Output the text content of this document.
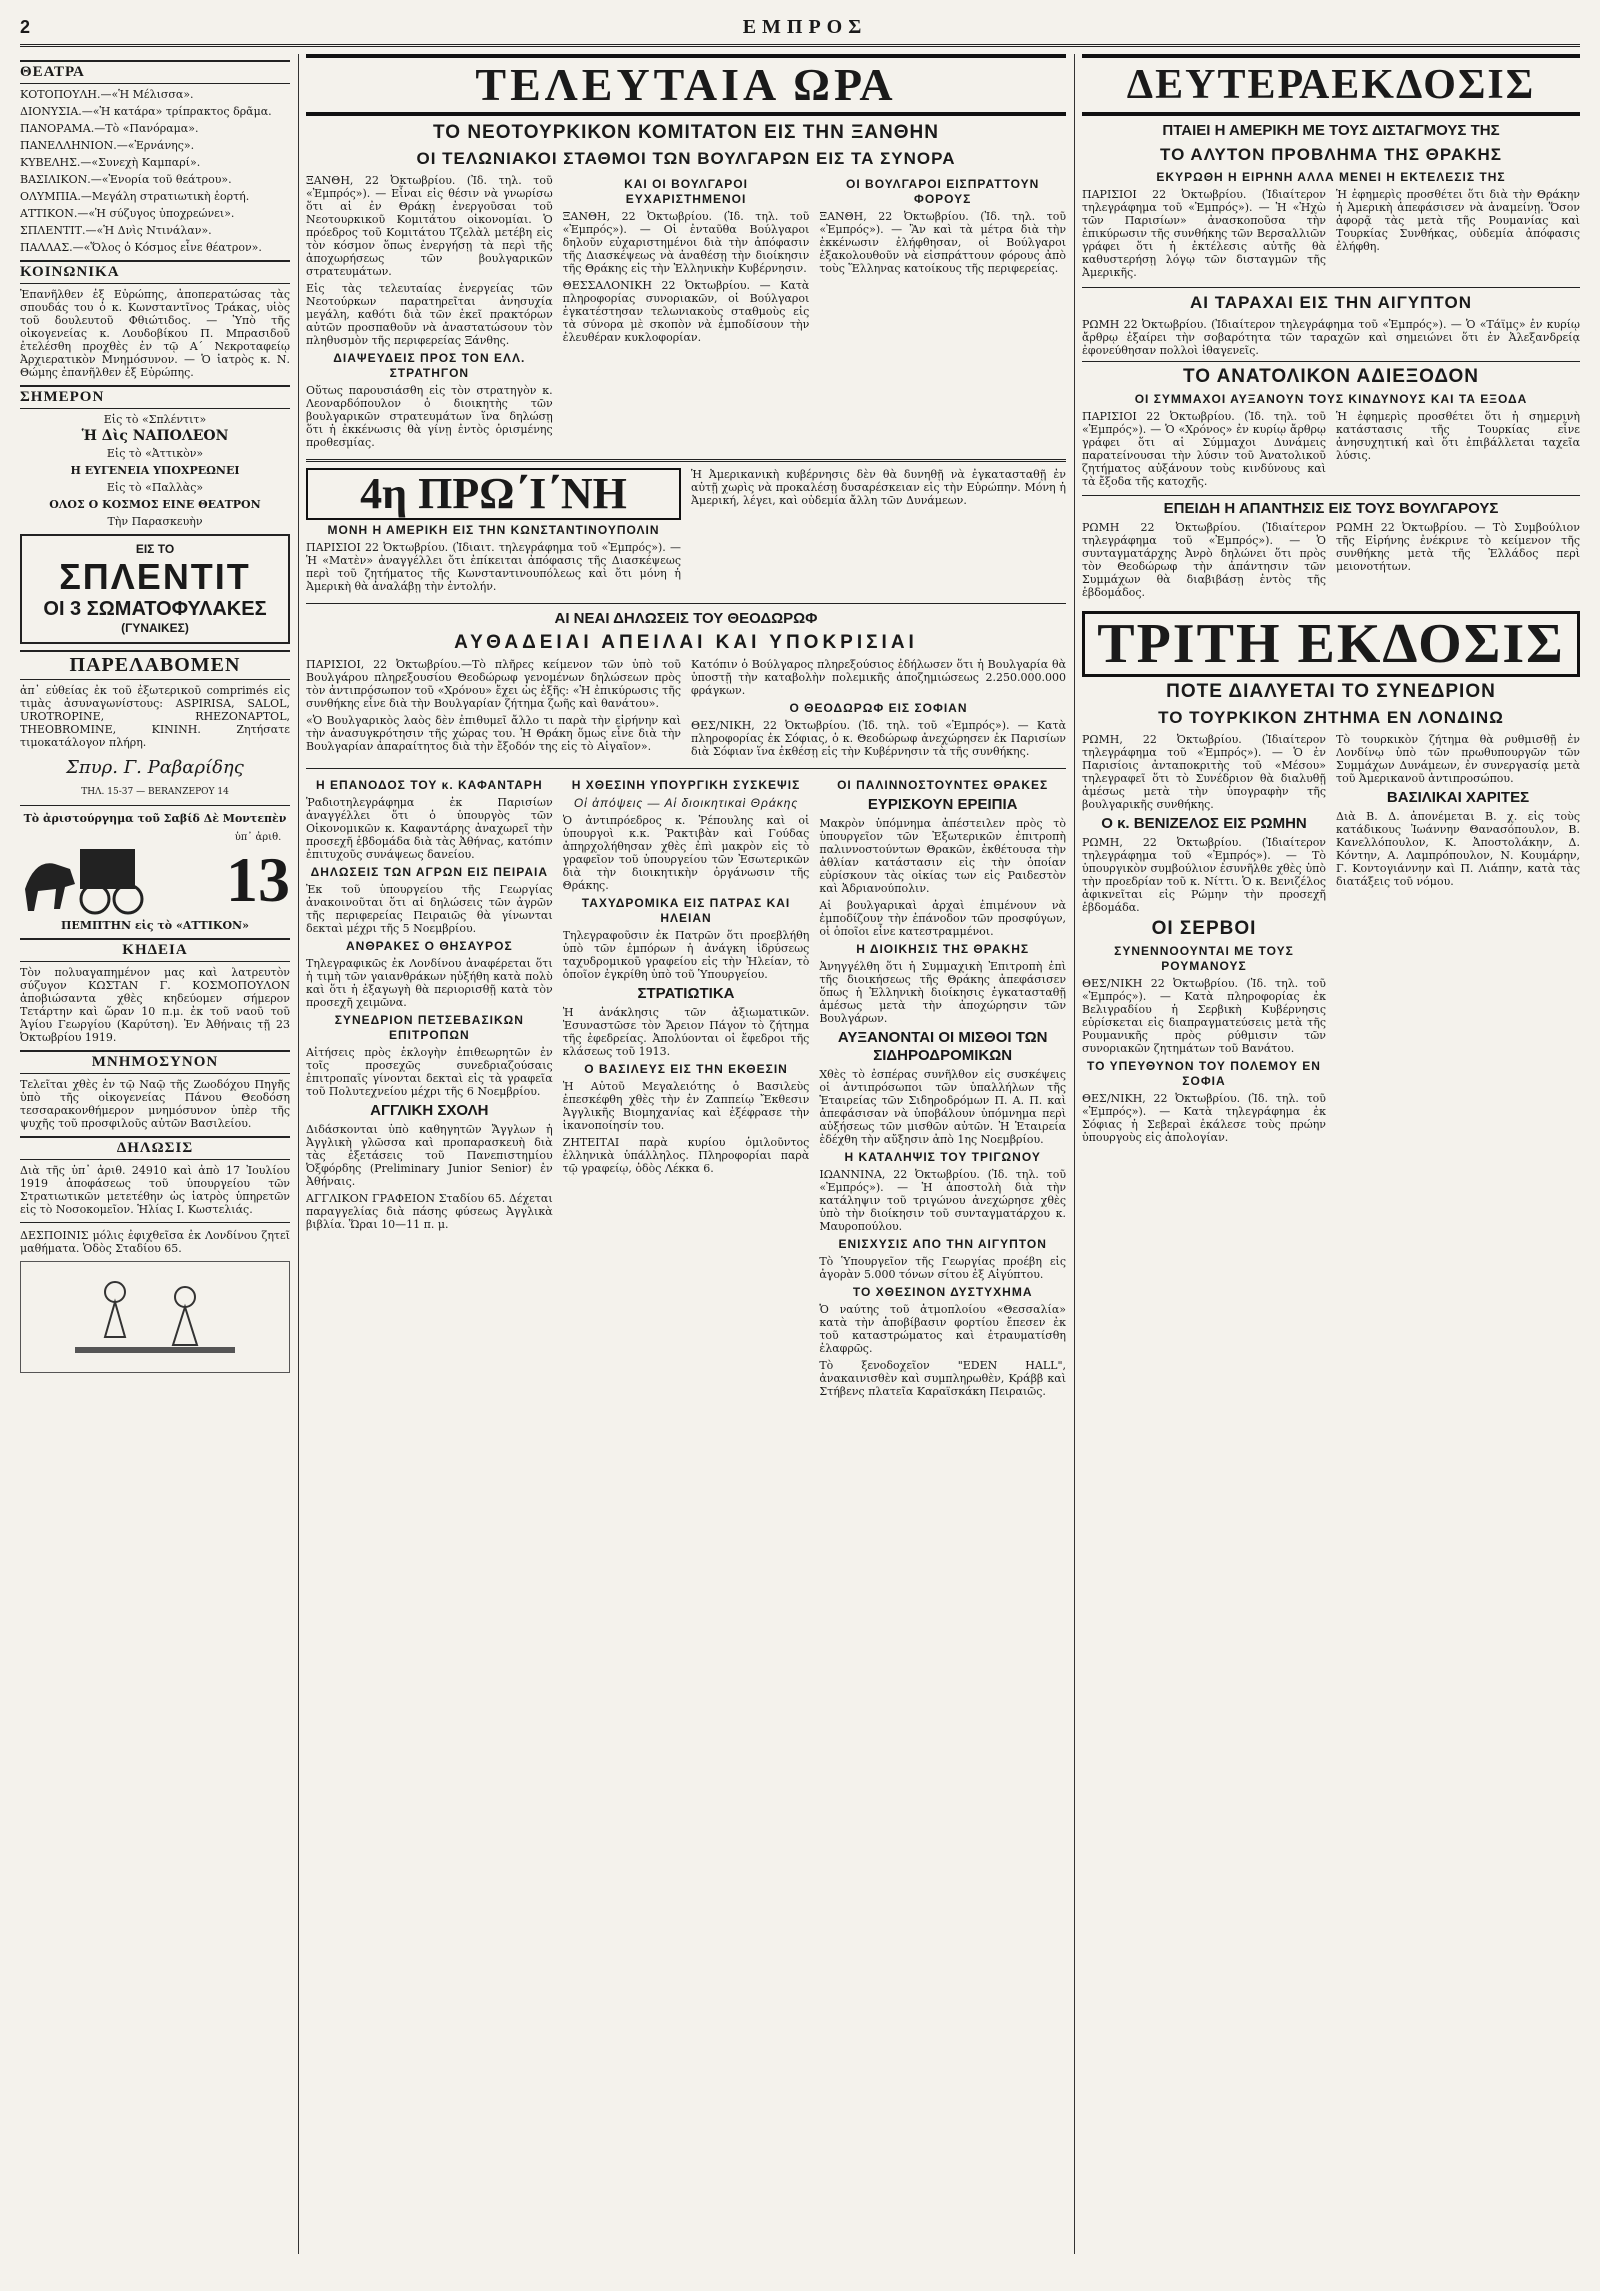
2	ΕΜΠΡΟΣ
ΘΕΑΤΡΑ

ΚΟΤΟΠΟΥΛΗ.—«Ἡ Μέλισσα».

ΔΙΟΝΥΣΙΑ.—«Ἡ κατάρα» τρίπρακτος δρᾶμα.

ΠΑΝΟΡΑΜΑ.—Τὸ «Πανόραμα».

ΠΑΝΕΛΛΗΝΙΟΝ.—«Ἐρνάνης».

ΚΥΒΕΛΗΣ.—«Συνεχὴ Καμπαρί».

ΒΑΣΙΛΙΚΟΝ.—«Ἐνορία τοῦ θεάτρου».

ΟΛΥΜΠΙΑ.—Μεγάλη στρατιωτικὴ ἑορτή.

ΑΤΤΙΚΟΝ.—«Ἡ σύζυγος ὑποχρεώνει».

ΣΠΛΕΝΤΙΤ.—«Ἡ Δνὶς Ντινάλαν».

ΠΑΛΛΑΣ.—«Ὅλος ὁ Κόσμος εἶνε θέατρον».

ΚΟΙΝΩΝΙΚΑ

Ἐπανῆλθεν ἐξ Εὐρώπης, ἀποπερατώσας τὰς σπουδάς του ὁ κ. Κωνσταντῖνος Τράκας, υἱὸς τοῦ δουλευτοῦ Φθιώτιδος. — Ὑπὸ τῆς οἰκογενείας κ. Λουδοβίκου Π. Μπρασιδοῦ ἐτελέσθη προχθὲς ἐν τῷ Α΄ Νεκροταφείῳ Ἀρχιερατικὸν Μνημόσυνον. — Ὁ ἰατρὸς κ. Ν. Θώμης ἐπανῆλθεν ἐξ Εὐρώπης.

ΣΗΜΕΡΟΝ

Εἰς τὸ «Σπλέντιτ»

Ἡ Δὶς ΝΑΠΟΛΕΟΝ

Εἰς τὸ «Ἀττικὸν»

Η ΕΥΓΕΝΕΙΑ ΥΠΟΧΡΕΩΝΕΙ

Εἰς τὸ «Παλλὰς»

ΟΛΟΣ Ο ΚΟΣΜΟΣ ΕΙΝΕ ΘΕΑΤΡΟΝ

Τὴν Παρασκευὴν

ΕΙΣ ΤΟ
ΣΠΛΕΝΤΙΤ
ΟΙ 3 ΣΩΜΑΤΟΦΥΛΑΚΕΣ
(ΓΥΝΑΙΚΕΣ)
ΠΑΡΕΛΑΒΟΜΕΝ

ἀπ᾽ εὐθείας ἐκ τοῦ ἐξωτερικοῦ comprimés εἰς τιμὰς ἀσυναγωνίστους: ASPIRISA, SALOL, UROTROPINE, RHEZONAPTOL, THEOBROMINE, KININH. Ζητήσατε τιμοκατάλογον πλήρη.

Σπυρ. Γ. Ραβαρίδης

ΤΗΛ. 15-37 — BERANZΕΡΟΥ 14

Τὸ ἀριστούργημα τοῦ Σαβίδ Δὲ Μοντεπὲν

ὑπ᾽ ἀριθ.
13

ΠΕΜΠΤΗΝ εἰς τὸ «ΑΤΤΙΚΟΝ»

ΚΗΔΕΙΑ

Τὸν πολυαγαπημένον μας καὶ λατρευτὸν σύζυγον ΚΩΣΤΑΝ Γ. ΚΟΣΜΟΠΟΥΛΟΝ ἀποβιώσαντα χθὲς κηδεύομεν σήμερον Τετάρτην καὶ ὥραν 10 π.μ. ἐκ τοῦ ναοῦ τοῦ Ἁγίου Γεωργίου (Καρύτση). Ἐν Ἀθήναις τῇ 23 Ὀκτωβρίου 1919.

ΜΝΗΜΟΣΥΝΟΝ

Τελεῖται χθὲς ἐν τῷ Ναῷ τῆς Ζωοδόχου Πηγῆς ὑπὸ τῆς οἰκογενείας Πάνου Θεοδόση τεσσαρακονθήμερον μνημόσυνον ὑπὲρ τῆς ψυχῆς τοῦ προσφιλοῦς αὐτῶν Βασιλείου.

ΔΗΛΩΣΙΣ

Διὰ τῆς ὑπ᾽ ἀριθ. 24910 καὶ ἀπὸ 17 Ἰουλίου 1919 ἀποφάσεως τοῦ ὑπουργείου τῶν Στρατιωτικῶν μετετέθην ὡς ἰατρὸς ὑπηρετῶν εἰς τὸ Νοσοκομεῖον. Ἡλίας Ι. Κωστελιάς.

ΔΕΣΠΟΙΝΙΣ μόλις ἐφιχθεῖσα ἐκ Λονδίνου ζητεῖ μαθήματα. Ὁδὸς Σταδίου 65.

ΤΕΛΕΥΤΑΙΑ ΩΡΑ
ΤΟ ΝΕΟΤΟΥΡΚΙΚΟΝ ΚΟΜΙΤΑΤΟΝ ΕΙΣ ΤΗΝ ΞΑΝΘΗΝ
ΟΙ ΤΕΛΩΝΙΑΚΟΙ ΣΤΑΘΜΟΙ ΤΩΝ ΒΟΥΛΓΑΡΩΝ ΕΙΣ ΤΑ ΣΥΝΟΡΑ

ΞΑΝΘΗ, 22 Ὀκτωβρίου. (Ἰδ. τηλ. τοῦ «Ἐμπρός»). — Εἶναι εἰς θέσιν νὰ γνωρίσω ὅτι αἱ ἐν Θράκῃ ἐνεργοῦσαι τοῦ Νεοτουρκικοῦ Κομιτάτου οἰκονομίαι. Ὁ πρόεδρος τοῦ Κομιτάτου Τζελὰλ μετέβη εἰς τὸν κόσμον ὅπως ἐνεργήσῃ τὰ περὶ τῆς ἀποχωρήσεως τῶν βουλγαρικῶν στρατευμάτων.

Εἰς τὰς τελευταίας ἐνεργείας τῶν Νεοτούρκων παρατηρεῖται ἀνησυχία μεγάλη, καθότι διὰ τῶν ἐκεῖ πρακτόρων αὐτῶν προσπαθοῦν νὰ ἀναστατώσουν τὸν πληθυσμὸν τῆς περιφερείας Ξάνθης.

ΔΙΑΨΕΥΔΕΙΣ ΠΡΟΣ ΤΟΝ ΕΛΛ. ΣΤΡΑΤΗΓΟΝ

Οὕτως παρουσιάσθη εἰς τὸν στρατηγὸν κ. Λεοναρδόπουλον ὁ διοικητὴς τῶν βουλγαρικῶν στρατευμάτων ἵνα δηλώσῃ ὅτι ἡ ἐκκένωσις θὰ γίνῃ ἐντὸς ὁρισμένης προθεσμίας.

ΚΑΙ ΟΙ ΒΟΥΛΓΑΡΟΙ ΕΥΧΑΡΙΣΤΗΜΕΝΟΙ

ΞΑΝΘΗ, 22 Ὀκτωβρίου. (Ἰδ. τηλ. τοῦ «Ἐμπρός»). — Οἱ ἐνταῦθα Βούλγαροι δηλοῦν εὐχαριστημένοι διὰ τὴν ἀπόφασιν τῆς Διασκέψεως νὰ ἀναθέσῃ τὴν διοίκησιν τῆς Θράκης εἰς τὴν Ἑλληνικὴν Κυβέρνησιν.

ΘΕΣΣΑΛΟΝΙΚΗ 22 Ὀκτωβρίου. — Κατὰ πληροφορίας συνοριακῶν, οἱ Βούλγαροι ἐγκατέστησαν τελωνιακοὺς σταθμοὺς εἰς τὰ σύνορα μὲ σκοπὸν νὰ ἐμποδίσουν τὴν ἐλευθέραν κυκλοφορίαν.

ΟΙ ΒΟΥΛΓΑΡΟΙ ΕΙΣΠΡΑΤΤΟΥΝ ΦΟΡΟΥΣ

ΞΑΝΘΗ, 22 Ὀκτωβρίου. (Ἰδ. τηλ. τοῦ «Ἐμπρός»). — Ἂν καὶ τὰ μέτρα διὰ τὴν ἐκκένωσιν ἐλήφθησαν, οἱ Βούλγαροι ἐξακολουθοῦν νὰ εἰσπράττουν φόρους ἀπὸ τοὺς Ἕλληνας κατοίκους τῆς περιφερείας.

4η ΠΡΩ΄Ι΄ΝΗ
ΜΟΝΗ Η ΑΜΕΡΙΚΗ ΕΙΣ ΤΗΝ ΚΩΝΣΤΑΝΤΙΝΟΥΠΟΛΙΝ

ΠΑΡΙΣΙΟΙ 22 Ὀκτωβρίου. (Ἰδιαιτ. τηλεγράφημα τοῦ «Ἐμπρός»). — Ἡ «Ματὲν» ἀναγγέλλει ὅτι ἐπίκειται ἀπόφασις τῆς Διασκέψεως περὶ τοῦ ζητήματος τῆς Κωνσταντινουπόλεως καὶ ὅτι μόνη ἡ Ἀμερικὴ θὰ ἀναλάβῃ τὴν ἐντολήν.

Ἡ Ἀμερικανικὴ κυβέρνησις δὲν θὰ δυνηθῇ νὰ ἐγκατασταθῇ ἐν αὐτῇ χωρὶς νὰ προκαλέσῃ δυσαρέσκειαν εἰς τὴν Εὐρώπην. Μόνη ἡ Ἀμερική, λέγει, καὶ οὐδεμία ἄλλη τῶν Δυνάμεων.

ΑΙ ΝΕΑΙ ΔΗΛΩΣΕΙΣ ΤΟΥ ΘΕΟΔΩΡΩΦ
ΑΥΘΑΔΕΙΑΙ ΑΠΕΙΛΑΙ ΚΑΙ ΥΠΟΚΡΙΣΙΑΙ

ΠΑΡΙΣΙΟΙ, 22 Ὀκτωβρίου.—Τὸ πλῆρες κείμενον τῶν ὑπὸ τοῦ Βουλγάρου πληρεξουσίου Θεοδώρωφ γενομένων δηλώσεων πρὸς τὸν ἀντιπρόσωπον τοῦ «Χρόνου» ἔχει ὡς ἑξῆς: «Ἡ ἐπικύρωσις τῆς συνθήκης εἶνε διὰ τὴν Βουλγαρίαν ζήτημα ζωῆς καὶ θανάτου».

«Ὁ Βουλγαρικὸς λαὸς δὲν ἐπιθυμεῖ ἄλλο τι παρὰ τὴν εἰρήνην καὶ τὴν ἀνασυγκρότησιν τῆς χώρας του. Ἡ Θράκη ὅμως εἶνε διὰ τὴν Βουλγαρίαν ἀπαραίτητος διὰ τὴν ἔξοδόν της εἰς τὸ Αἰγαῖον».

Κατόπιν ὁ Βούλγαρος πληρεξούσιος ἐδήλωσεν ὅτι ἡ Βουλγαρία θὰ ὑποστῇ τὴν καταβολὴν πολεμικῆς ἀποζημιώσεως 2.250.000.000 φράγκων.

Ο ΘΕΟΔΩΡΩΦ ΕΙΣ ΣΟΦΙΑΝ

ΘΕΣ/ΝΙΚΗ, 22 Ὀκτωβρίου. (Ἰδ. τηλ. τοῦ «Ἐμπρός»). — Κατὰ πληροφορίας ἐκ Σόφιας, ὁ κ. Θεοδώρωφ ἀνεχώρησεν ἐκ Παρισίων διὰ Σόφιαν ἵνα ἐκθέσῃ εἰς τὴν Κυβέρνησιν τὰ τῆς συνθήκης.

Η ΕΠΑΝΟΔΟΣ ΤΟΥ κ. ΚΑΦΑΝΤΑΡΗ

Ῥαδιοτηλεγράφημα ἐκ Παρισίων ἀναγγέλλει ὅτι ὁ ὑπουργὸς τῶν Οἰκονομικῶν κ. Καφαντάρης ἀναχωρεῖ τὴν προσεχῆ ἑβδομάδα διὰ τὰς Ἀθήνας, κατόπιν ἐπιτυχοῦς συνάψεως δανείου.

ΔΗΛΩΣΕΙΣ ΤΩΝ ΑΓΡΩΝ ΕΙΣ ΠΕΙΡΑΙΑ

Ἐκ τοῦ ὑπουργείου τῆς Γεωργίας ἀνακοινοῦται ὅτι αἱ δηλώσεις τῶν ἀγρῶν τῆς περιφερείας Πειραιῶς θὰ γίνωνται δεκταὶ μέχρι τῆς 5 Νοεμβρίου.

ΑΝΘΡΑΚΕΣ Ο ΘΗΣΑΥΡΟΣ

Τηλεγραφικῶς ἐκ Λονδίνου ἀναφέρεται ὅτι ἡ τιμὴ τῶν γαιανθράκων ηὐξήθη κατὰ πολὺ καὶ ὅτι ἡ ἐξαγωγὴ θὰ περιορισθῇ κατὰ τὸν προσεχῆ χειμῶνα.

ΣΥΝΕΔΡΙΟΝ ΠΕΤΣΕΒΑΣΙΚΩΝ ΕΠΙΤΡΟΠΩΝ

Αἰτήσεις πρὸς ἐκλογὴν ἐπιθεωρητῶν ἐν τοῖς προσεχῶς συνεδριαζούσαις ἐπιτροπαῖς γίνονται δεκταὶ εἰς τὰ γραφεῖα τοῦ Πολυτεχνείου μέχρι τῆς 6 Νοεμβρίου.

ΑΓΓΛΙΚΗ ΣΧΟΛΗ

Διδάσκονται ὑπὸ καθηγητῶν Ἄγγλων ἡ Ἀγγλικὴ γλῶσσα καὶ προπαρασκευὴ διὰ τὰς ἐξετάσεις τοῦ Πανεπιστημίου Ὀξφόρδης (Preliminary Junior Senior) ἐν Ἀθήναις.

ΑΓΓΛΙΚΟΝ ΓΡΑΦΕΙΟΝ Σταδίου 65. Δέχεται παραγγελίας διὰ πάσης φύσεως Ἀγγλικὰ βιβλία. Ὥραι 10—11 π. μ.

Η ΧΘΕΣΙΝΗ ΥΠΟΥΡΓΙΚΗ ΣΥΣΚΕΨΙΣ
Οἱ ἀπόψεις — Αἱ διοικητικαὶ Θράκης

Ὁ ἀντιπρόεδρος κ. Ῥέπουλης καὶ οἱ ὑπουργοὶ κ.κ. Ῥακτιβὰν καὶ Γούδας ἀπηρχολήθησαν χθὲς ἐπὶ μακρὸν εἰς τὸ γραφεῖον τοῦ ὑπουργείου τῶν Ἐσωτερικῶν διὰ τὴν διοικητικὴν ὀργάνωσιν τῆς Θράκης.

ΤΑΧΥΔΡΟΜΙΚΑ ΕΙΣ ΠΑΤΡΑΣ ΚΑΙ ΗΛΕΙΑΝ

Τηλεγραφοῦσιν ἐκ Πατρῶν ὅτι προεβλήθη ὑπὸ τῶν ἐμπόρων ἡ ἀνάγκη ἱδρύσεως ταχυδρομικοῦ γραφείου εἰς τὴν Ἠλείαν, τὸ ὁποῖον ἐγκρίθη ὑπὸ τοῦ Ὑπουργείου.

ΣΤΡΑΤΙΩΤΙΚΑ

Ἡ ἀνάκλησις τῶν ἀξιωματικῶν. Ἐσυναστῶσε τὸν Ἄρειον Πάγον τὸ ζήτημα τῆς ἐφεδρείας. Ἀπολύονται οἱ ἔφεδροι τῆς κλάσεως τοῦ 1913.

Ο ΒΑΣΙΛΕΥΣ ΕΙΣ ΤΗΝ ΕΚΘΕΣΙΝ

Ἡ Αὐτοῦ Μεγαλειότης ὁ Βασιλεὺς ἐπεσκέφθη χθὲς τὴν ἐν Ζαππείῳ Ἔκθεσιν Ἀγγλικῆς Βιομηχανίας καὶ ἐξέφρασε τὴν ἱκανοποίησίν του.

ΖΗΤΕΙΤΑΙ παρὰ κυρίου ὁμιλοῦντος ἑλληνικὰ ὑπάλληλος. Πληροφορίαι παρὰ τῷ γραφείῳ, ὁδὸς Λέκκα 6.

ΟΙ ΠΑΛΙΝΝΟΣΤΟΥΝΤΕΣ ΘΡΑΚΕΣ
ΕΥΡΙΣΚΟΥΝ ΕΡΕΙΠΙΑ

Μακρὸν ὑπόμνημα ἀπέστειλεν πρὸς τὸ ὑπουργεῖον τῶν Ἐξωτερικῶν ἐπιτροπὴ παλιννοστούντων Θρακῶν, ἐκθέτουσα τὴν ἀθλίαν κατάστασιν εἰς τὴν ὁποίαν εὑρίσκουν τὰς οἰκίας των εἰς Ραιδεστὸν καὶ Ἁδριανούπολιν.

Αἱ βουλγαρικαὶ ἀρχαὶ ἐπιμένουν νὰ ἐμποδίζουν τὴν ἐπάνοδον τῶν προσφύγων, οἱ ὁποῖοι εἶνε κατεστραμμένοι.

Η ΔΙΟΙΚΗΣΙΣ ΤΗΣ ΘΡΑΚΗΣ

Ἀνηγγέλθη ὅτι ἡ Συμμαχικὴ Ἐπιτροπὴ ἐπὶ τῆς διοικήσεως τῆς Θράκης ἀπεφάσισεν ὅπως ἡ Ἑλληνικὴ διοίκησις ἐγκατασταθῇ ἀμέσως μετὰ τὴν ἀποχώρησιν τῶν Βουλγάρων.

ΑΥΞΑΝΟΝΤΑΙ ΟΙ ΜΙΣΘΟΙ ΤΩΝ ΣΙΔΗΡΟΔΡΟΜΙΚΩΝ

Χθὲς τὸ ἐσπέρας συνῆλθον εἰς συσκέψεις οἱ ἀντιπρόσωποι τῶν ὑπαλλήλων τῆς Ἑταιρείας τῶν Σιδηροδρόμων Π. Α. Π. καὶ ἀπεφάσισαν νὰ ὑποβάλουν ὑπόμνημα περὶ αὐξήσεως τῶν μισθῶν αὐτῶν. Ἡ Ἑταιρεία ἐδέχθη τὴν αὔξησιν ἀπὸ 1ης Νοεμβρίου.

Η ΚΑΤΑΛΗΨΙΣ ΤΟΥ ΤΡΙΓΩΝΟΥ

ΙΩΑΝΝΙΝΑ, 22 Ὀκτωβρίου. (Ἰδ. τηλ. τοῦ «Ἐμπρός»). — Ἡ ἀποστολὴ διὰ τὴν κατάληψιν τοῦ τριγώνου ἀνεχώρησε χθὲς ὑπὸ τὴν διοίκησιν τοῦ συνταγματάρχου κ. Μαυροπούλου.

ΕΝΙΣΧΥΣΙΣ ΑΠΟ ΤΗΝ ΑΙΓΥΠΤΟΝ

Τὸ Ὑπουργεῖον τῆς Γεωργίας προέβη εἰς ἀγορὰν 5.000 τόνων σίτου ἐξ Αἰγύπτου.

ΤΟ ΧΘΕΣΙΝΟΝ ΔΥΣΤΥΧΗΜΑ

Ὁ ναύτης τοῦ ἀτμοπλοίου «Θεσσαλία» κατὰ τὴν ἀποβίβασιν φορτίου ἔπεσεν ἐκ τοῦ καταστρώματος καὶ ἐτραυματίσθη ἐλαφρῶς.

Τὸ ξενοδοχεῖον "EDEN HALL", ἀνακαινισθὲν καὶ συμπληρωθὲν, Κράββ καὶ Στήβενς πλατεῖα Καραϊσκάκη Πειραιῶς.

ΔΕΥΤΕΡΑΕΚΔΟΣΙΣ
ΠΤΑΙΕΙ Η ΑΜΕΡΙΚΗ ΜΕ ΤΟΥΣ ΔΙΣΤΑΓΜΟΥΣ ΤΗΣ
ΤΟ ΑΛΥΤΟΝ ΠΡΟΒΛΗΜΑ ΤΗΣ ΘΡΑΚΗΣ
ΕΚΥΡΩΘΗ Η ΕΙΡΗΝΗ ΑΛΛΑ ΜΕΝΕΙ Η ΕΚΤΕΛΕΣΙΣ ΤΗΣ

ΠΑΡΙΣΙΟΙ 22 Ὀκτωβρίου. (Ἰδιαίτερον τηλεγράφημα τοῦ «Ἐμπρός»). — Ἡ «Ἠχὼ τῶν Παρισίων» ἀνασκοποῦσα τὴν ἐπικύρωσιν τῆς συνθήκης τῶν Βερσαλλιῶν γράφει ὅτι ἡ ἐκτέλεσις αὐτῆς θὰ καθυστερήσῃ λόγῳ τῶν δισταγμῶν τῆς Ἀμερικῆς.

Ἡ ἐφημερὶς προσθέτει ὅτι διὰ τὴν Θράκην ἡ Ἀμερικὴ ἀπεφάσισεν νὰ ἀναμείνῃ. Ὅσον ἀφορᾷ τὰς μετὰ τῆς Ρουμανίας καὶ Τουρκίας Συνθήκας, οὐδεμία ἀπόφασις ἐλήφθη.

ΑΙ ΤΑΡΑΧΑΙ ΕΙΣ ΤΗΝ ΑΙΓΥΠΤΟΝ

ΡΩΜΗ 22 Ὀκτωβρίου. (Ἰδιαίτερον τηλεγράφημα τοῦ «Ἐμπρός»). — Ὁ «Τάϊμς» ἐν κυρίῳ ἄρθρῳ ἐξαίρει τὴν σοβαρότητα τῶν ταραχῶν καὶ σημειώνει ὅτι ἐν Ἀλεξανδρείᾳ ἐφονεύθησαν πολλοὶ ἰθαγενεῖς.

ΤΟ ΑΝΑΤΟΛΙΚΟΝ ΑΔΙΕΞΟΔΟΝ
ΟΙ ΣΥΜΜΑΧΟΙ ΑΥΞΑΝΟΥΝ ΤΟΥΣ ΚΙΝΔΥΝΟΥΣ ΚΑΙ ΤΑ ΕΞΟΔΑ

ΠΑΡΙΣΙΟΙ 22 Ὀκτωβρίου. (Ἰδ. τηλ. τοῦ «Ἐμπρός»). — Ὁ «Χρόνος» ἐν κυρίῳ ἄρθρῳ γράφει ὅτι αἱ Σύμμαχοι Δυνάμεις παρατείνουσαι τὴν λύσιν τοῦ Ἀνατολικοῦ ζητήματος αὐξάνουν τοὺς κινδύνους καὶ τὰ ἔξοδα τῆς κατοχῆς.

Ἡ ἐφημερὶς προσθέτει ὅτι ἡ σημερινὴ κατάστασις τῆς Τουρκίας εἶνε ἀνησυχητική καὶ ὅτι ἐπιβάλλεται ταχεῖα λύσις.

ΕΠΕΙΔΗ Η ΑΠΑΝΤΗΣΙΣ ΕΙΣ ΤΟΥΣ ΒΟΥΛΓΑΡΟΥΣ

ΡΩΜΗ 22 Ὀκτωβρίου. (Ἰδιαίτερον τηλεγράφημα τοῦ «Ἐμπρός»). — Ὁ συνταγματάρχης Ἀνρὸ δηλώνει ὅτι πρὸς τὸν Θεοδώρωφ τὴν ἀπάντησιν τῶν Συμμάχων θὰ διαβιβάσῃ ἐντὸς τῆς ἑβδομάδος.

ΡΩΜΗ 22 Ὀκτωβρίου. — Τὸ Συμβούλιον τῆς Εἰρήνης ἐνέκρινε τὸ κείμενον τῆς συνθήκης μετὰ τῆς Ἑλλάδος περὶ μειονοτήτων.

ΤΡΙΤΗ ΕΚΔΟΣΙΣ
ΠΟΤΕ ΔΙΑΛΥΕΤΑΙ ΤΟ ΣΥΝΕΔΡΙΟΝ
ΤΟ ΤΟΥΡΚΙΚΟΝ ΖΗΤΗΜΑ ΕΝ ΛΟΝΔΙΝΩ

ΡΩΜΗ, 22 Ὀκτωβρίου. (Ἰδιαίτερον τηλεγράφημα τοῦ «Ἐμπρός»). — Ὁ ἐν Παρισίοις ἀνταποκριτὴς τοῦ «Μέσου» τηλεγραφεῖ ὅτι τὸ Συνέδριον θὰ διαλυθῇ ἀμέσως μετὰ τὴν ὑπογραφὴν τῆς βουλγαρικῆς συνθήκης.

Ο κ. ΒΕΝΙΖΕΛΟΣ ΕΙΣ ΡΩΜΗΝ

ΡΩΜΗ, 22 Ὀκτωβρίου. (Ἰδιαίτερον τηλεγράφημα τοῦ «Ἐμπρός»). — Τὸ ὑπουργικὸν συμβούλιον ἐσυνῆλθε χθὲς ὑπὸ τὴν προεδρίαν τοῦ κ. Νίττι. Ὁ κ. Βενιζέλος ἀφικνεῖται εἰς Ρώμην τὴν προσεχῆ ἑβδομάδα.

ΟΙ ΣΕΡΒΟΙ
ΣΥΝΕΝΝΟΟΥΝΤΑΙ ΜΕ ΤΟΥΣ ΡΟΥΜΑΝΟΥΣ

ΘΕΣ/ΝΙΚΗ 22 Ὀκτωβρίου. (Ἰδ. τηλ. τοῦ «Ἐμπρός»). — Κατὰ πληροφορίας ἐκ Βελιγραδίου ἡ Σερβικὴ Κυβέρνησις εὑρίσκεται εἰς διαπραγματεύσεις μετὰ τῆς Ρουμανικῆς πρὸς ρύθμισιν τῶν συνοριακῶν ζητημάτων τοῦ Βανάτου.

ΤΟ ΥΠΕΥΘΥΝΟΝ ΤΟΥ ΠΟΛΕΜΟΥ ΕΝ ΣΟΦΙΑ

ΘΕΣ/ΝΙΚΗ, 22 Ὀκτωβρίου. (Ἰδ. τηλ. τοῦ «Ἐμπρός»). — Κατὰ τηλεγράφημα ἐκ Σόφιας ἡ Σεβεραὶ ἐκάλεσε τοὺς πρώην ὑπουργοὺς εἰς ἀπολογίαν.

Τὸ τουρκικὸν ζήτημα θὰ ρυθμισθῇ ἐν Λονδίνῳ ὑπὸ τῶν πρωθυπουργῶν τῶν Συμμάχων Δυνάμεων, ἐν συνεργασίᾳ μετὰ τοῦ Ἀμερικανοῦ ἀντιπροσώπου.

ΒΑΣΙΛΙΚΑΙ ΧΑΡΙΤΕΣ

Διὰ Β. Δ. ἀπονέμεται Β. χ. εἰς τοὺς κατάδικους Ἰωάννην Θανασόπουλον, Β. Κανελλόπουλον, Κ. Ἀποστολάκην, Δ. Κόντην, Α. Λαμπρόπουλον, Ν. Κουμάρην, Γ. Κοντογιάννην καὶ Π. Λιάπην, κατὰ τὰς διατάξεις τοῦ νόμου.
